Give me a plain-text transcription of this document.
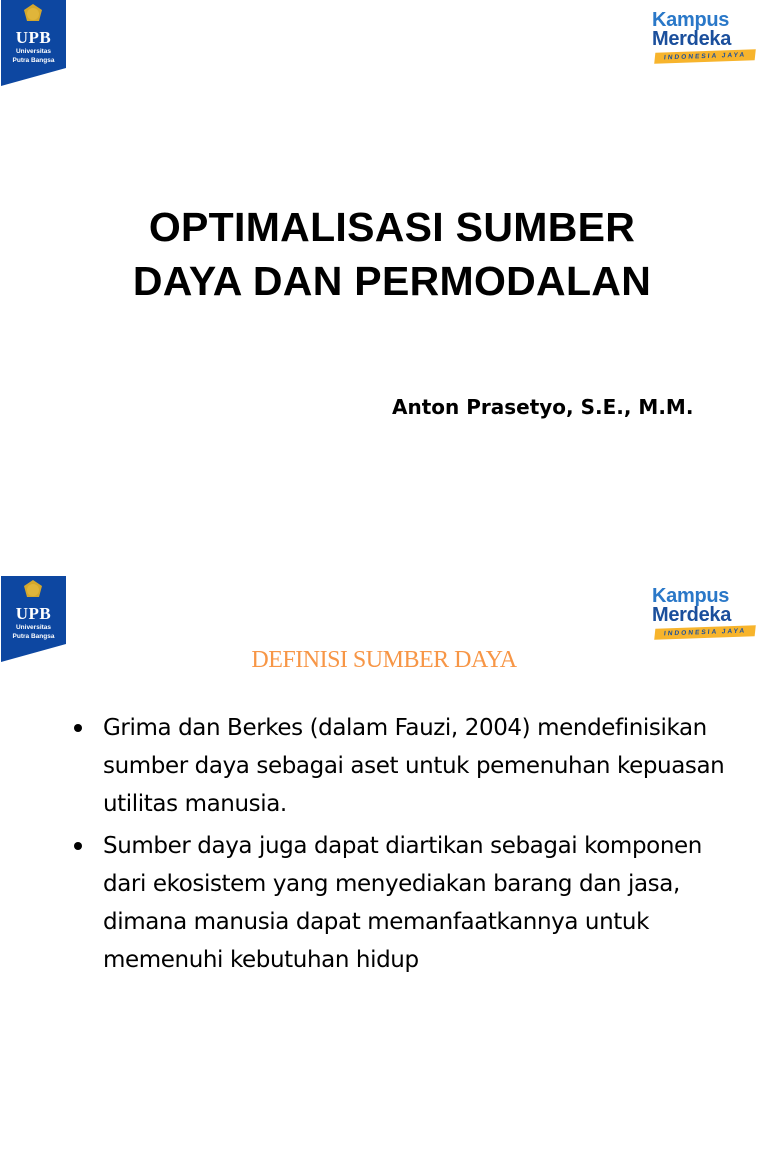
UPB
Universitas
Putra Bangsa
Kampus
Merdeka
INDONESIA JAYA
OPTIMALISASI SUMBER
DAYA DAN PERMODALAN
Anton Prasetyo, S.E., M.M.
UPB
Universitas
Putra Bangsa
Kampus
Merdeka
INDONESIA JAYA
DEFINISI SUMBER DAYA
Grima dan Berkes (dalam Fauzi, 2004) mendefinisikan sumber daya sebagai aset untuk pemenuhan kepuasan utilitas manusia.
Sumber daya juga dapat diartikan sebagai komponen dari ekosistem yang menyediakan barang dan jasa, dimana manusia dapat memanfaatkannya untuk memenuhi kebutuhan hidup
